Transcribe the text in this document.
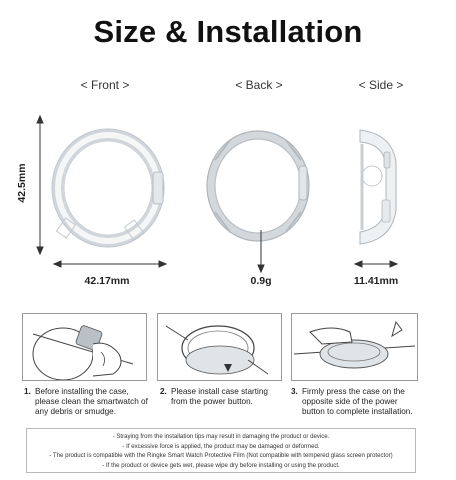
Size & Installation
< Front >	< Back >	< Side >
42.5mm
42.17mm	0.9g	11.41mm
1. Before installing the case,
please clean the smartwatch of
any debris or smudge.
2. Please install case starting
from the power button.
3. Firmly press the case on the
opposite side of the power
button to complete installation.
- Straying from the installation tips may result in damaging the product or device.
- If excessive force is applied, the product may be damaged or deformed.
- The product is compatible with the Ringke Smart Watch Protective Film (Not compatible with tempered glass screen protector)
- If the product or device gets wet, please wipe dry before installing or using the product.
